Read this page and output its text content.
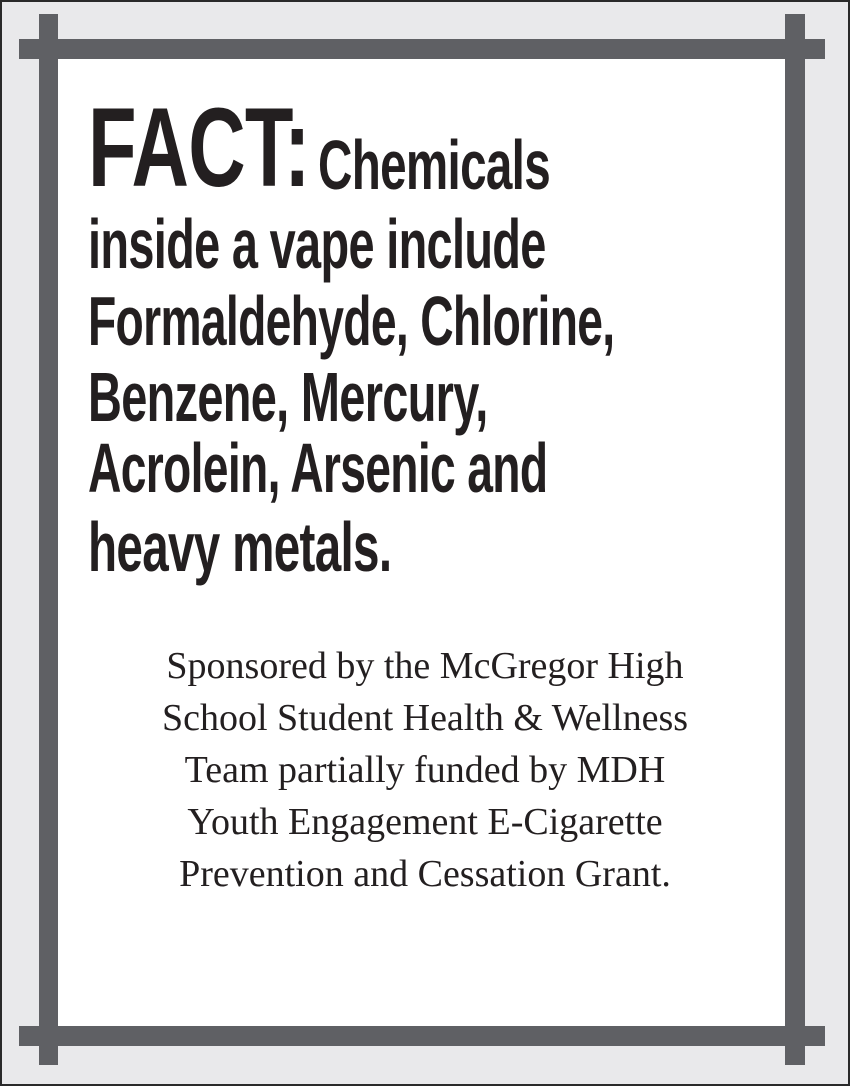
FACT: Chemicals
inside a vape include
Formaldehyde, Chlorine,
Benzene, Mercury,
Acrolein, Arsenic and
heavy metals.
Sponsored by the McGregor High
School Student Health & Wellness
Team partially funded by MDH
Youth Engagement E-Cigarette
Prevention and Cessation Grant.
